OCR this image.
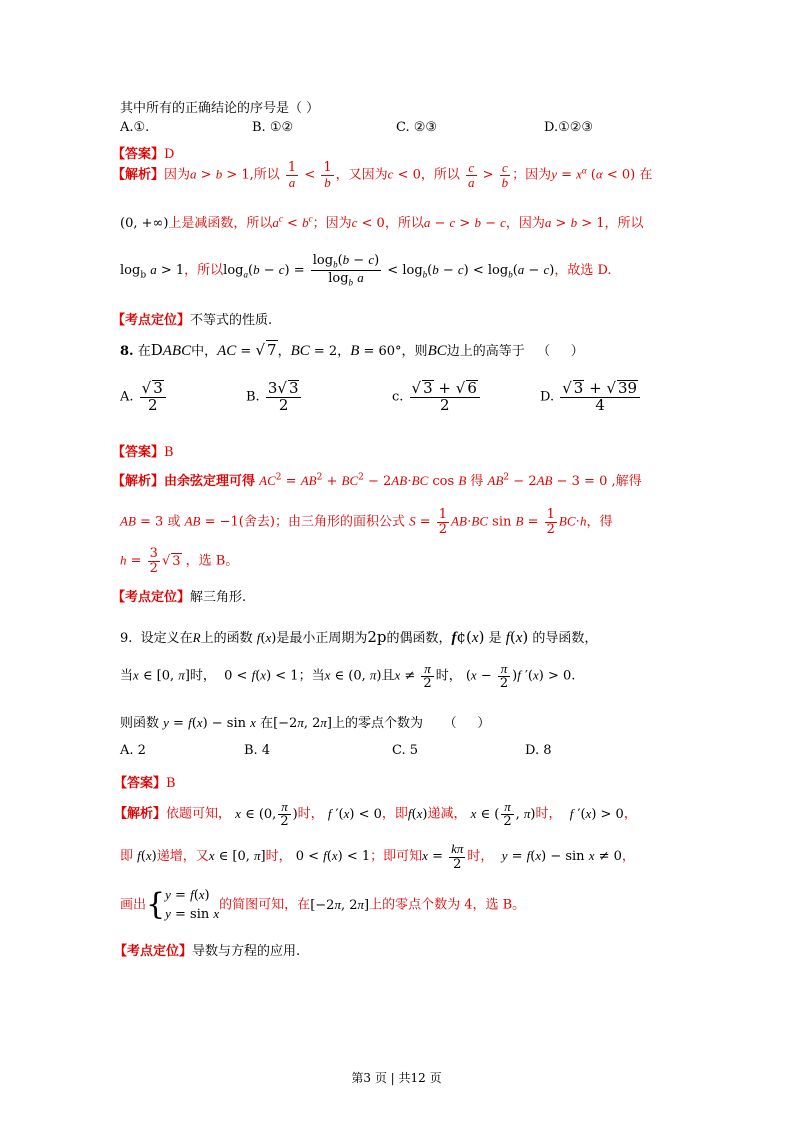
其中所有的正确结论的序号是（ ）
A.①.	B. ①②	C. ②③	D.①②③
【答案】D
【解析】因为a > b > 1,所以 $\frac{1}{a} < \frac{1}{b}$ ，又因为c < 0，所以 $\frac{c}{a} > \frac{c}{b}$ ；因为$y = x^\alpha$ (α < 0) 在
(0, +∞)上是减函数，所以$a^c < b^c$；因为c < 0，所以a − c > b − c，因为a > b > 1，所以
$\log_b a > 1$，所以$\log_a(b - c) = \frac{\log_b(b - c)}{\log_b a} < \log_b(b - c) < \log_b(a - c)$，故选 D.
【考点定位】不等式的性质.
8. 在DABC中，AC = √ 7，BC = 2，B = 60°，则BC边上的高等于   （     ）
A. $\frac{√ 3}{2}$	B. $\frac{3√ 3}{2}$	c. $\frac{√ 3 + √ 6}{2}$	D. $\frac{√ 3 + √ 39}{4}$
【答案】B
【解析】由余弦定理可得 $AC^2 = AB^2 + BC^2 - 2AB\cdot BC$ cos B 得 $AB^2 - 2AB - 3 = 0$ ,解得
AB = 3 或 AB = −1(舍去)；由三角形的面积公式 $S = \frac{1}{2} AB\cdot BC$ $\sin B = \frac{1}{2} BC\cdot h$，得
$h = \frac{3}{2}$ √ 3 ，选 B。
【考点定位】解三角形.
9.  设定义在R上的函数 f(x)是最小正周期为2p的偶函数，f¢(x) 是 f(x) 的导函数，
当x ∈ [0, π]时，  0 < f(x) < 1；当x ∈ (0, π)且$x \ne \frac{\pi}{2}$ 时， $(x - \frac{\pi}{2} )f$ ′(x) > 0.
则函数 y = f(x) − sin x 在[−2π, 2π]上的零点个数为     （     ）
A. 2	B. 4	C. 5	D. 8
【答案】B
【解析】依题可知， x ∈ (0, $\frac{\pi}{2}$ )时， f ′(x) < 0，即f(x)递减， x ∈ ( $\frac{\pi}{2}$ , π)时，  f ′(x) > 0，
即 f(x)递增，又x ∈ [0, π]时， 0 < f(x) < 1；即可知$x = \frac{k\pi}{2}$ 时，  y = f(x) − sin x ≠ 0，
画出{ y = f(x)
y = sin x
的简图可知，在[−2π, 2π]上的零点个数为 4，选 B。
【考点定位】导数与方程的应用.
第3 页 | 共12 页
